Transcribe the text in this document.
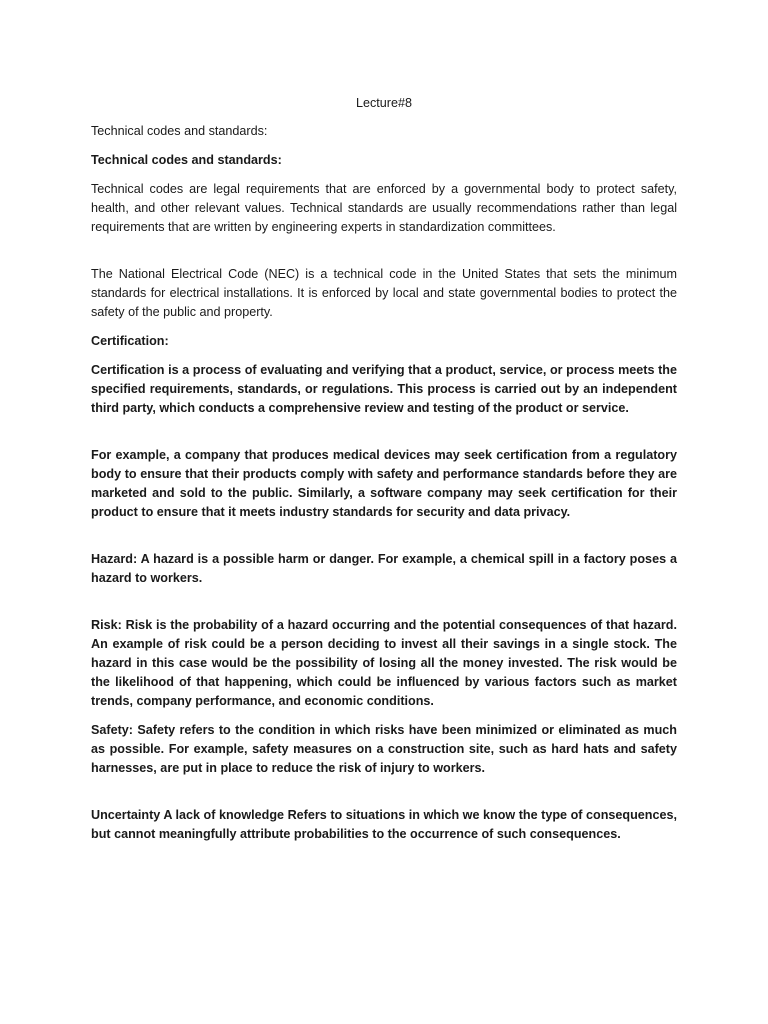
Lecture#8

Technical codes and standards:

Technical codes and standards:

Technical codes are legal requirements that are enforced by a governmental body to protect safety, health, and other relevant values. Technical standards are usually recommendations rather than legal requirements that are written by engineering experts in standardization committees.

The National Electrical Code (NEC) is a technical code in the United States that sets the minimum standards for electrical installations. It is enforced by local and state governmental bodies to protect the safety of the public and property.

Certification:

Certification is a process of evaluating and verifying that a product, service, or process meets the specified requirements, standards, or regulations. This process is carried out by an independent third party, which conducts a comprehensive review and testing of the product or service.

For example, a company that produces medical devices may seek certification from a regulatory body to ensure that their products comply with safety and performance standards before they are marketed and sold to the public. Similarly, a software company may seek certification for their product to ensure that it meets industry standards for security and data privacy.

Hazard: A hazard is a possible harm or danger. For example, a chemical spill in a factory poses a hazard to workers.

Risk: Risk is the probability of a hazard occurring and the potential consequences of that hazard. An example of risk could be a person deciding to invest all their savings in a single stock. The hazard in this case would be the possibility of losing all the money invested. The risk would be the likelihood of that happening, which could be influenced by various factors such as market trends, company performance, and economic conditions.

Safety: Safety refers to the condition in which risks have been minimized or eliminated as much as possible. For example, safety measures on a construction site, such as hard hats and safety harnesses, are put in place to reduce the risk of injury to workers.

Uncertainty A lack of knowledge Refers to situations in which we know the type of consequences, but cannot meaningfully attribute probabilities to the occurrence of such consequences.
